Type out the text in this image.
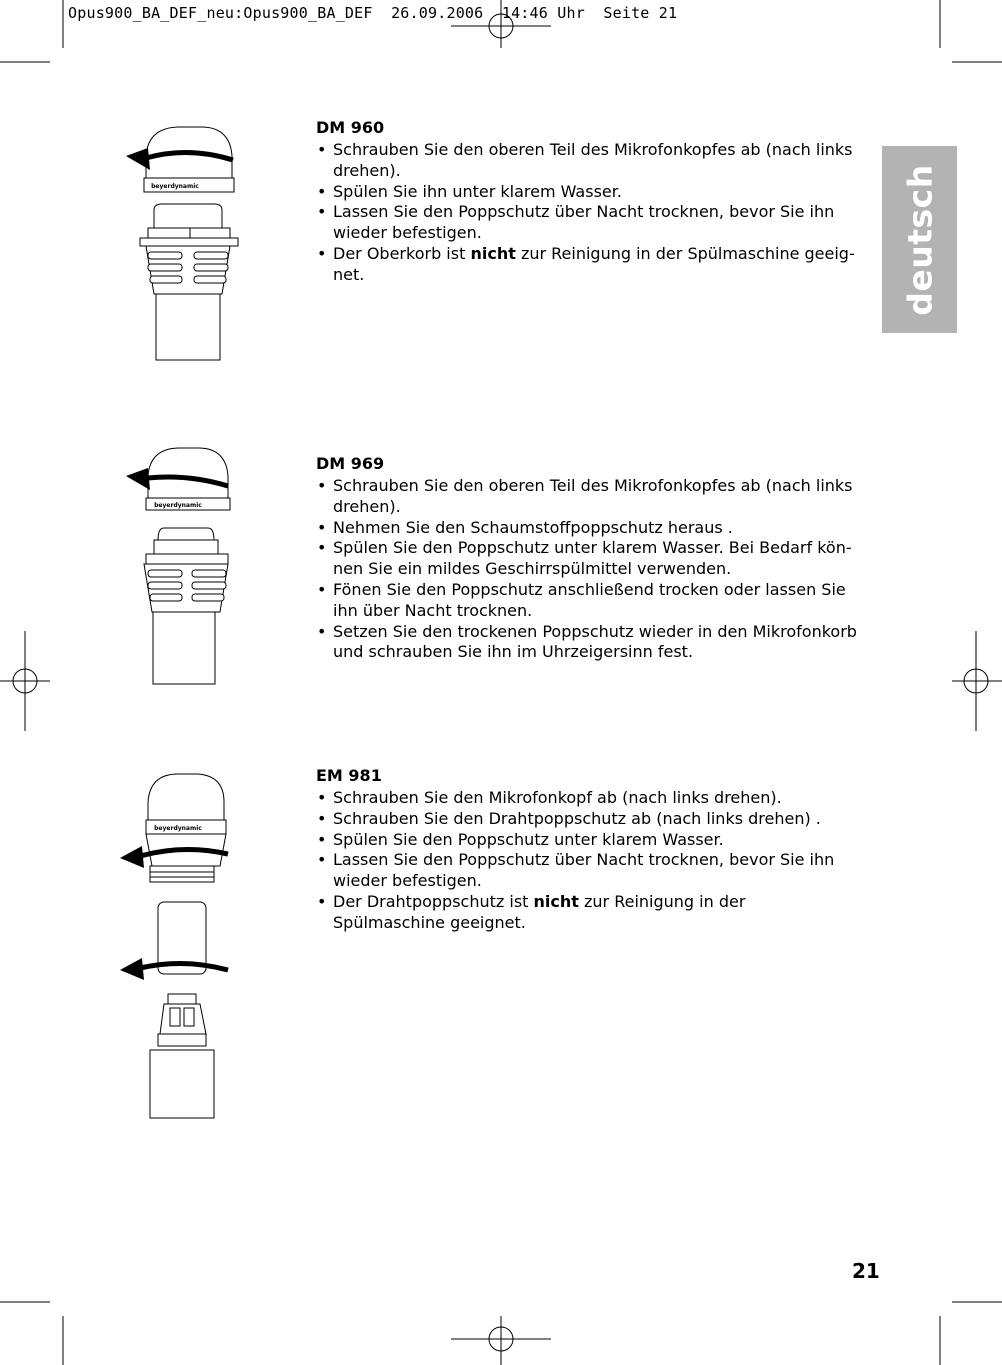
Opus900_BA_DEF_neu:Opus900_BA_DEF  26.09.2006  14:46 Uhr  Seite 21
deutsch
beyerdynamic
beyerdynamic
beyerdynamic
DM 960
• Schrauben Sie den oberen Teil des Mikrofonkopfes ab (nach links drehen).
• Spülen Sie ihn unter klarem Wasser.
• Lassen Sie den Poppschutz über Nacht trocknen, bevor Sie ihn wieder befestigen.
• Der Oberkorb ist nicht zur Reinigung in der Spülmaschine geeig-net.
DM 969
• Schrauben Sie den oberen Teil des Mikrofonkopfes ab (nach links drehen).
• Nehmen Sie den Schaumstoffpoppschutz heraus .
• Spülen Sie den Poppschutz unter klarem Wasser. Bei Bedarf kön-nen Sie ein mildes Geschirrspülmittel verwenden.
• Fönen Sie den Poppschutz anschließend trocken oder lassen Sie ihn über Nacht trocknen.
• Setzen Sie den trockenen Poppschutz wieder in den Mikrofonkorb und schrauben Sie ihn im Uhrzeigersinn fest.
EM 981
• Schrauben Sie den Mikrofonkopf ab (nach links drehen).
• Schrauben Sie den Drahtpoppschutz ab (nach links drehen) .
• Spülen Sie den Poppschutz unter klarem Wasser.
• Lassen Sie den Poppschutz über Nacht trocknen, bevor Sie ihn wieder befestigen.
• Der Drahtpoppschutz ist nicht zur Reinigung in der Spülmaschine geeignet.
21
